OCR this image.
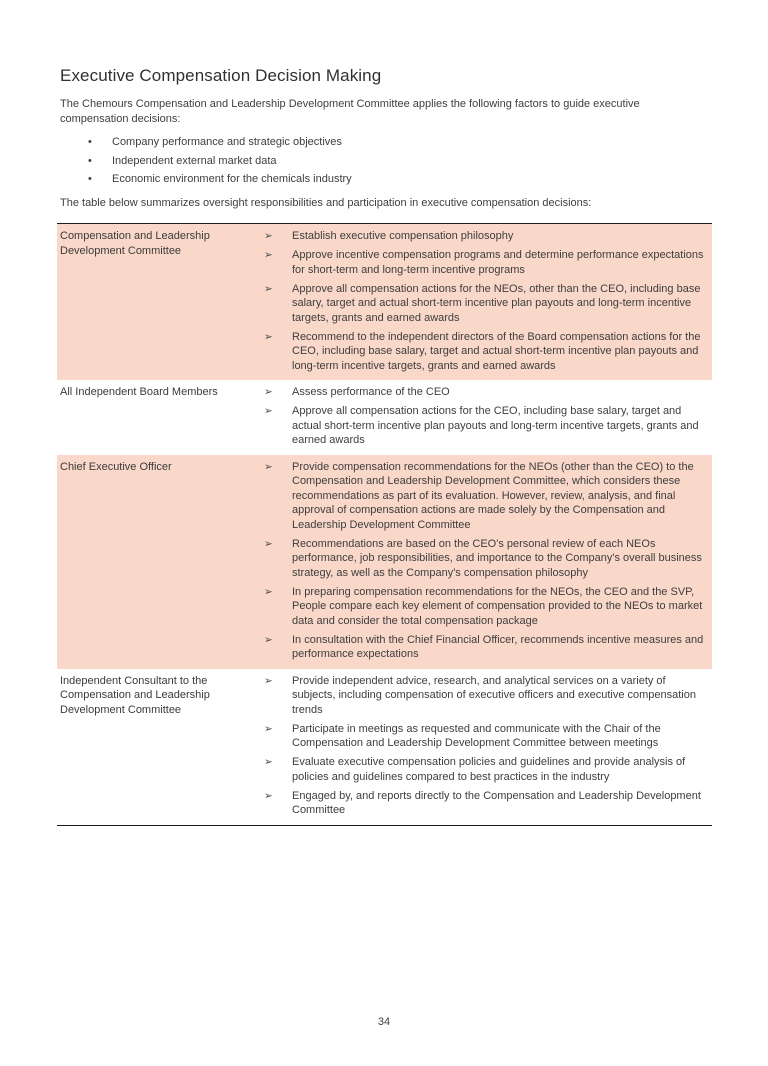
Executive Compensation Decision Making

The Chemours Compensation and Leadership Development Committee applies the following factors to guide executive compensation decisions:

•	Company performance and strategic objectives
•	Independent external market data
•	Economic environment for the chemicals industry

The table below summarizes oversight responsibilities and participation in executive compensation decisions:

Compensation and Leadership Development Committee
➢	Establish executive compensation philosophy
➢	Approve incentive compensation programs and determine performance expectations for short-term and long-term incentive programs
➢	Approve all compensation actions for the NEOs, other than the CEO, including base salary, target and actual short-term incentive plan payouts and long-term incentive targets, grants and earned awards
➢	Recommend to the independent directors of the Board compensation actions for the CEO, including base salary, target and actual short-term incentive plan payouts and long-term incentive targets, grants and earned awards
All Independent Board Members	➢	Assess performance of the CEO
➢	Approve all compensation actions for the CEO, including base salary, target and actual short-term incentive plan payouts and long-term incentive targets, grants and earned awards
Chief Executive Officer	➢	Provide compensation recommendations for the NEOs (other than the CEO) to the Compensation and Leadership Development Committee, which considers these recommendations as part of its evaluation. However, review, analysis, and final approval of compensation actions are made solely by the Compensation and Leadership Development Committee
➢	Recommendations are based on the CEO's personal review of each NEOs performance, job responsibilities, and importance to the Company's overall business strategy, as well as the Company's compensation philosophy
➢	In preparing compensation recommendations for the NEOs, the CEO and the SVP, People compare each key element of compensation provided to the NEOs to market data and consider the total compensation package
➢	In consultation with the Chief Financial Officer, recommends incentive measures and performance expectations
Independent Consultant to the Compensation and Leadership Development Committee
➢	Provide independent advice, research, and analytical services on a variety of subjects, including compensation of executive officers and executive compensation trends
➢	Participate in meetings as requested and communicate with the Chair of the Compensation and Leadership Development Committee between meetings
➢	Evaluate executive compensation policies and guidelines and provide analysis of policies and guidelines compared to best practices in the industry
➢	Engaged by, and reports directly to the Compensation and Leadership Development Committee
34
